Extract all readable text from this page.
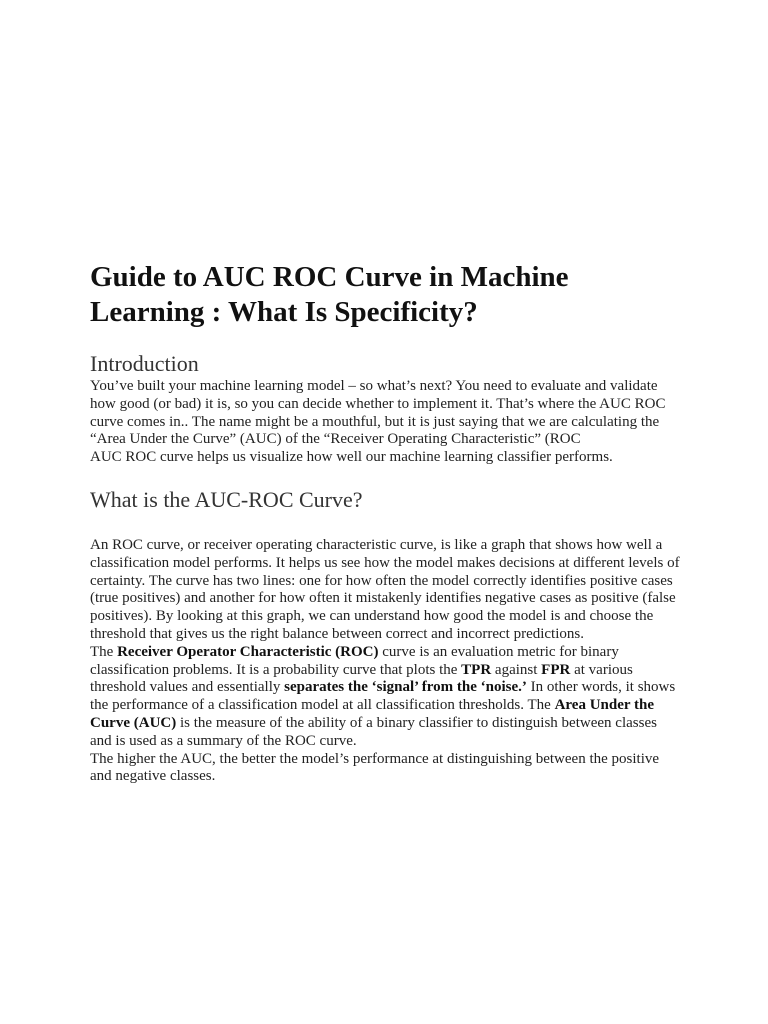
Guide to AUC ROC Curve in Machine Learning : What Is Specificity?
Introduction

You’ve built your machine learning model – so what’s next? You need to evaluate and validate how good (or bad) it is, so you can decide whether to implement it. That’s where the AUC ROC curve comes in.. The name might be a mouthful, but it is just saying that we are calculating the “Area Under the Curve” (AUC) of the “Receiver Operating Characteristic” (ROC
AUC ROC curve helps us visualize how well our machine learning classifier performs.

What is the AUC-ROC Curve?

An ROC curve, or receiver operating characteristic curve, is like a graph that shows how well a classification model performs. It helps us see how the model makes decisions at different levels of certainty. The curve has two lines: one for how often the model correctly identifies positive cases (true positives) and another for how often it mistakenly identifies negative cases as positive (false positives). By looking at this graph, we can understand how good the model is and choose the threshold that gives us the right balance between correct and incorrect predictions.

The Receiver Operator Characteristic (ROC) curve is an evaluation metric for binary classification problems. It is a probability curve that plots the TPR against FPR at various threshold values and essentially separates the ‘signal’ from the ‘noise.’ In other words, it shows the performance of a classification model at all classification thresholds. The Area Under the Curve (AUC) is the measure of the ability of a binary classifier to distinguish between classes and is used as a summary of the ROC curve.

The higher the AUC, the better the model’s performance at distinguishing between the positive and negative classes.
